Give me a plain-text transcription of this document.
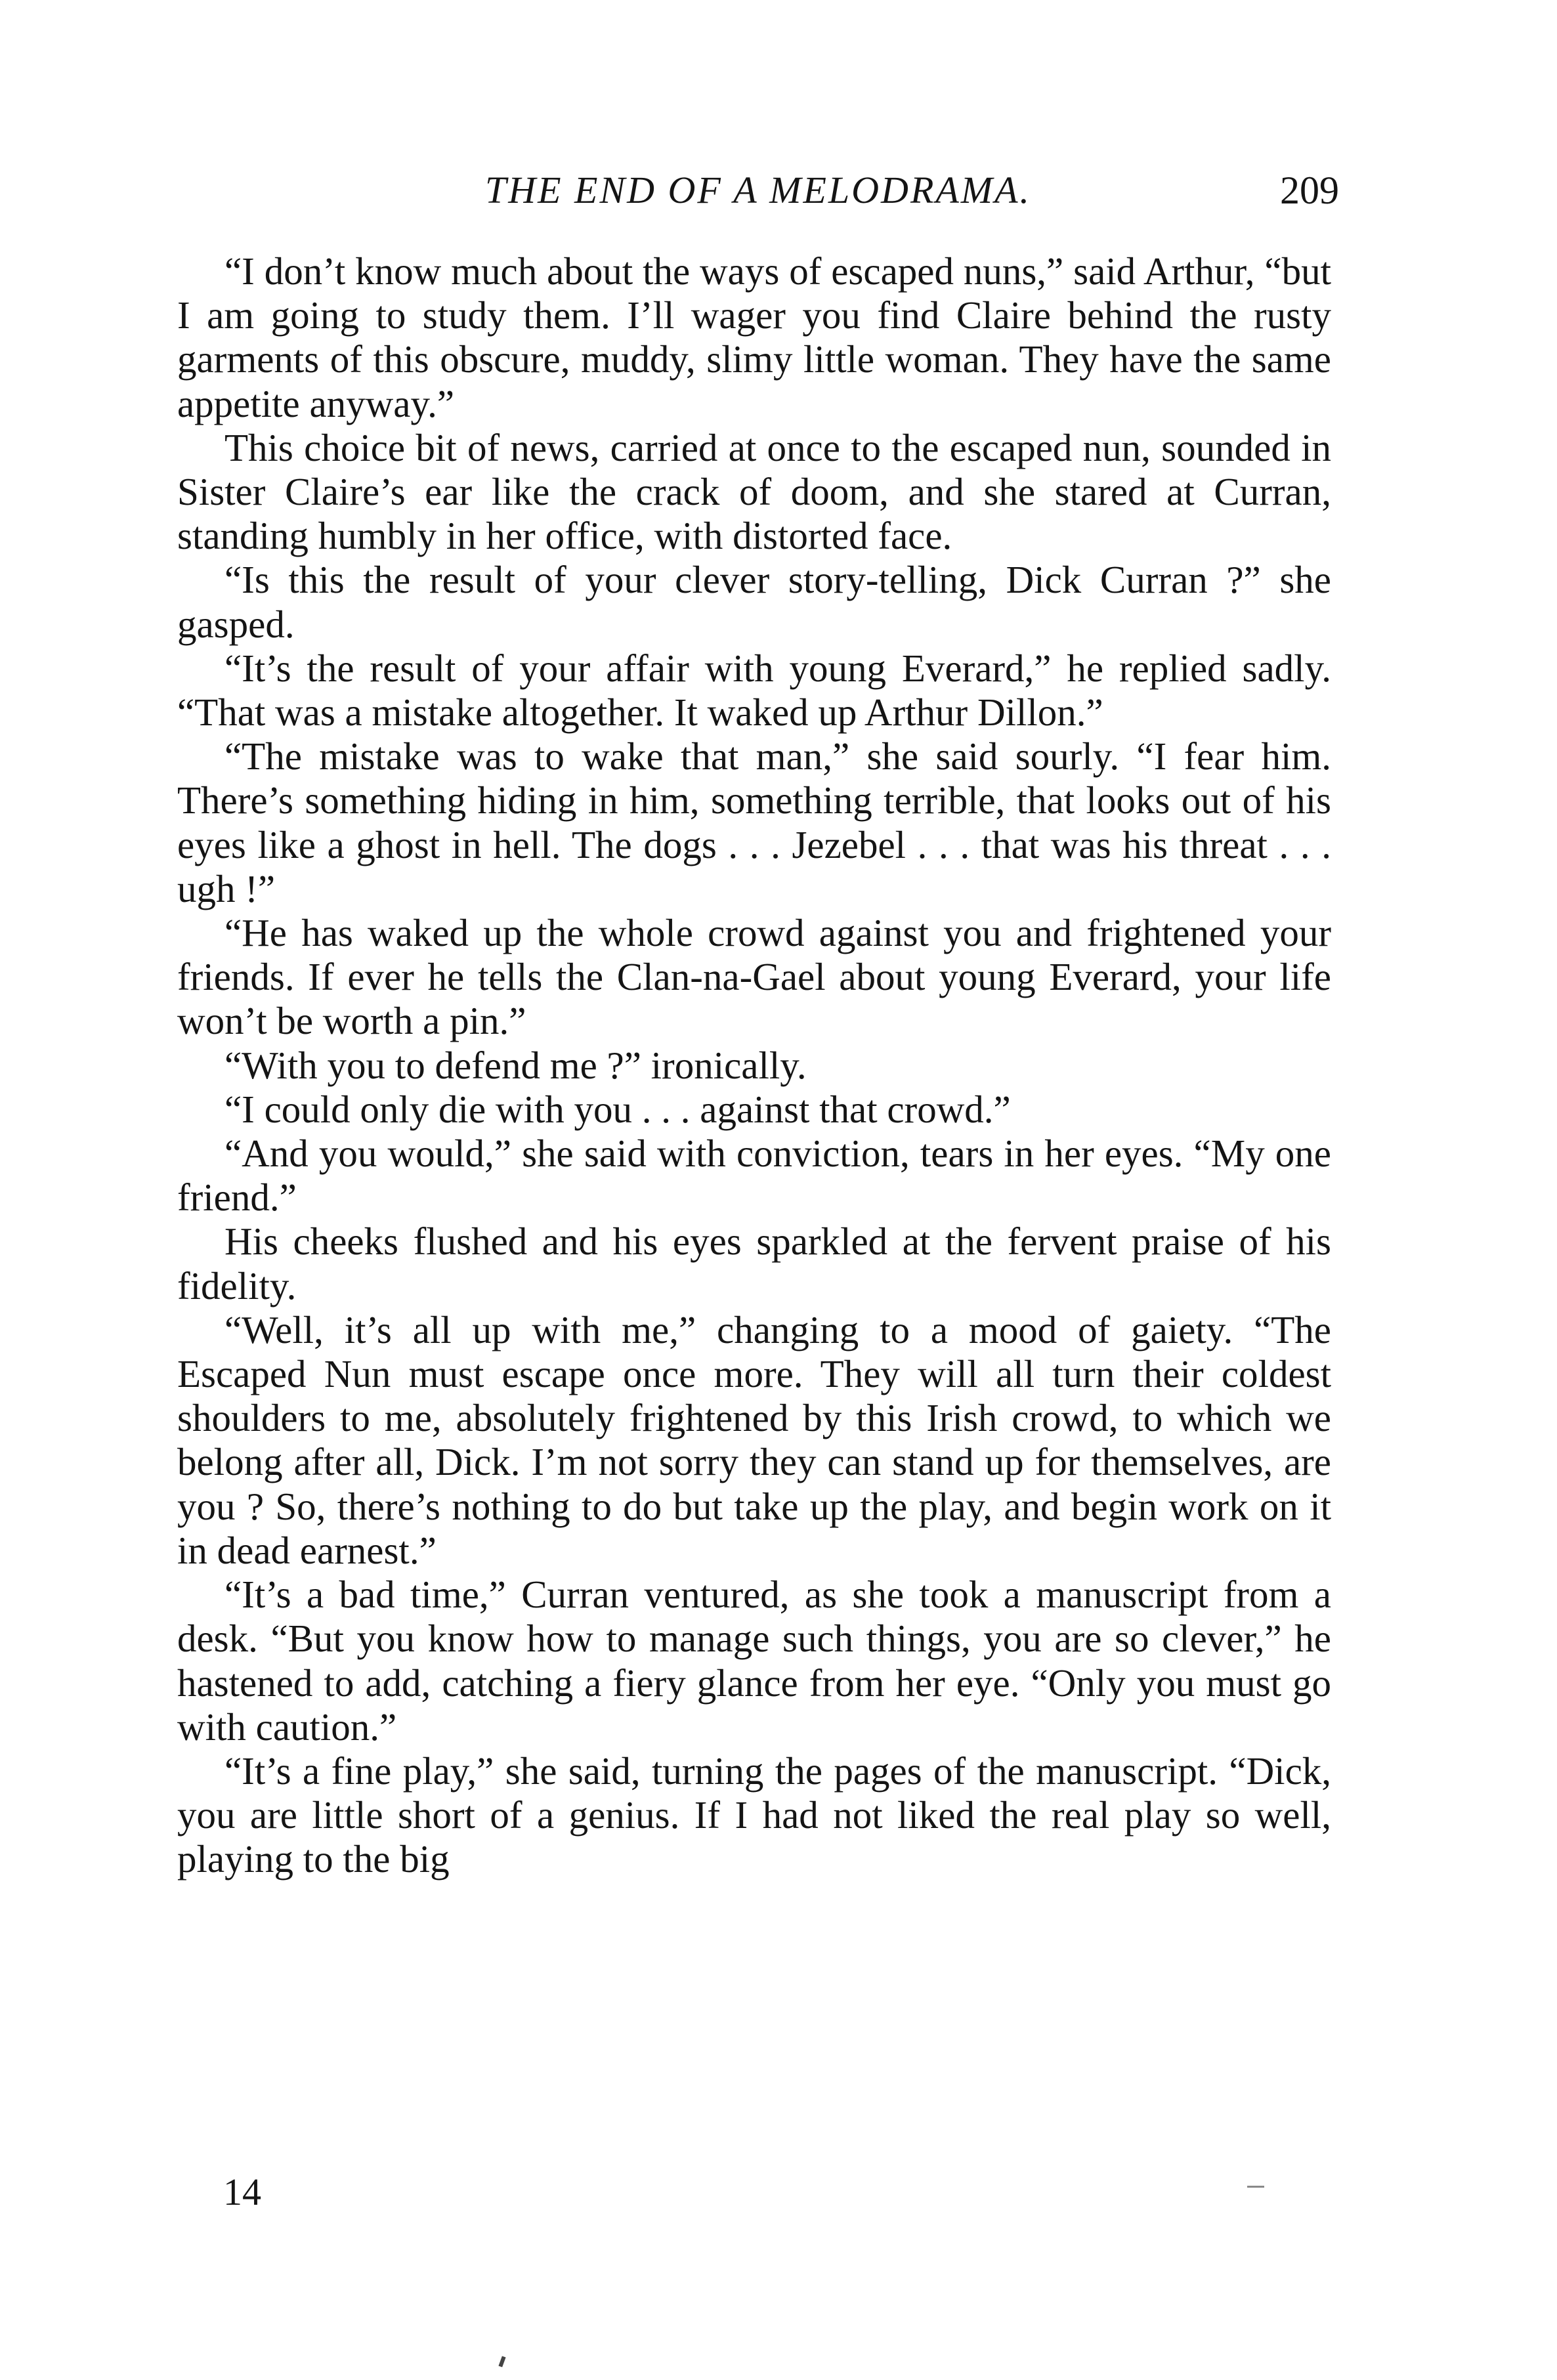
THE END OF A MELODRAMA.	209

“I don’t know much about the ways of escaped nuns,” said Arthur, “but I am going to study them. I’ll wager you find Claire behind the rusty garments of this obscure, muddy, slimy little woman. They have the same appetite anyway.”

This choice bit of news, carried at once to the escaped nun, sounded in Sister Claire’s ear like the crack of doom, and she stared at Curran, standing humbly in her office, with distorted face.

“Is this the result of your clever story-telling, Dick Curran ?” she gasped.

“It’s the result of your affair with young Everard,” he replied sadly. “That was a mistake altogether. It waked up Arthur Dillon.”

“The mistake was to wake that man,” she said sourly. “I fear him. There’s something hiding in him, something terrible, that looks out of his eyes like a ghost in hell. The dogs . . . Jezebel . . . that was his threat . . . ugh !”

“He has waked up the whole crowd against you and frightened your friends. If ever he tells the Clan-na-Gael about young Everard, your life won’t be worth a pin.”

“With you to defend me ?” ironically.

“I could only die with you . . . against that crowd.”

“And you would,” she said with conviction, tears in her eyes. “My one friend.”

His cheeks flushed and his eyes sparkled at the fervent praise of his fidelity.

“Well, it’s all up with me,” changing to a mood of gaiety. “The Escaped Nun must escape once more. They will all turn their coldest shoulders to me, absolutely frightened by this Irish crowd, to which we belong after all, Dick. I’m not sorry they can stand up for themselves, are you ? So, there’s nothing to do but take up the play, and begin work on it in dead earnest.”

“It’s a bad time,” Curran ventured, as she took a manuscript from a desk. “But you know how to manage such things, you are so clever,” he hastened to add, catching a fiery glance from her eye. “Only you must go with caution.”

“It’s a fine play,” she said, turning the pages of the manuscript. “Dick, you are little short of a genius. If I had not liked the real play so well, playing to the big

14
